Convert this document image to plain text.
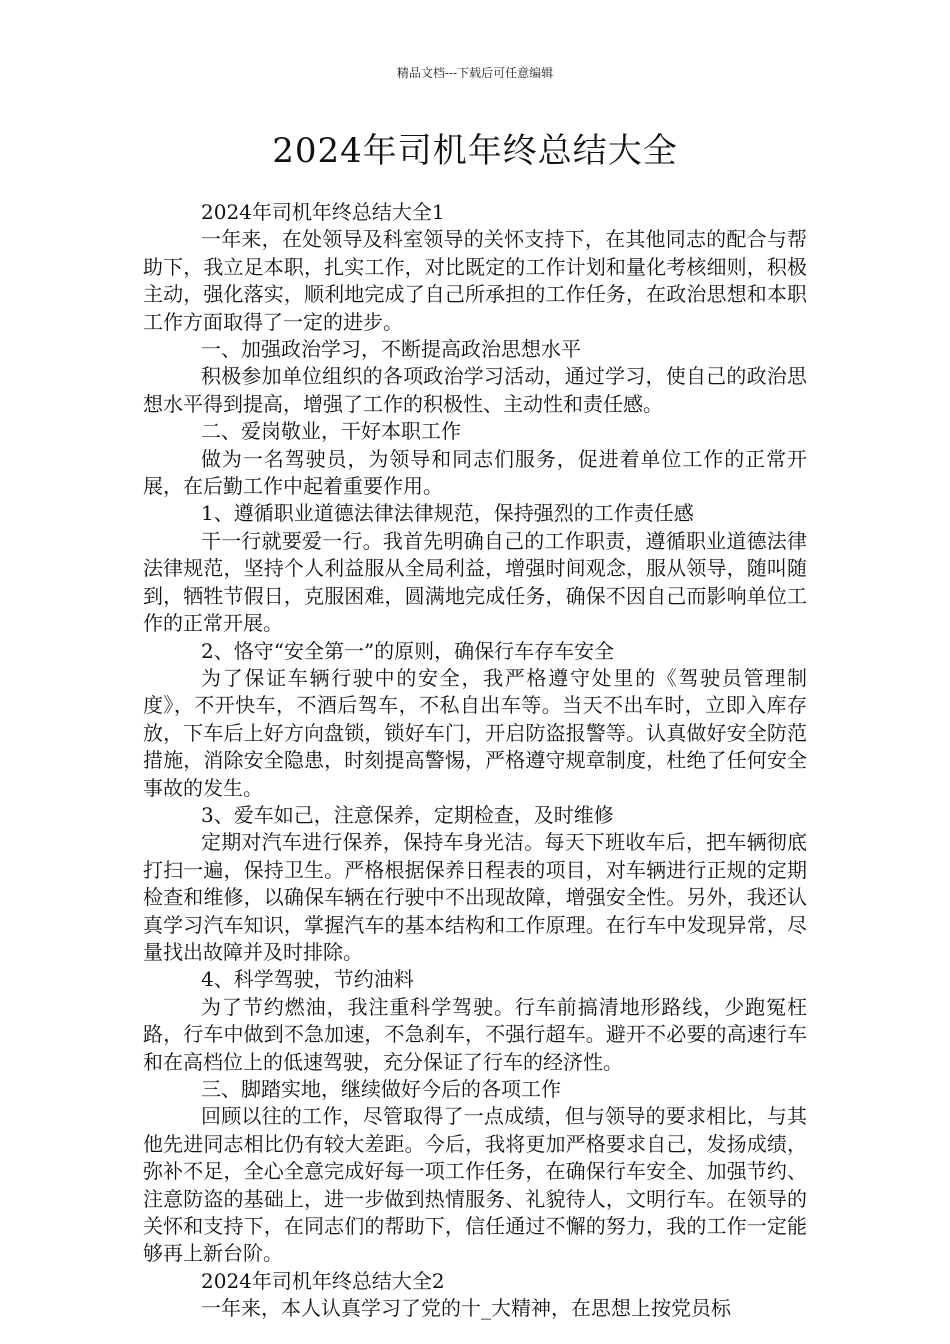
精品文档---下载后可任意编辑
2024年司机年终总结大全

2024年司机年终总结大全1

一年来，在处领导及科室领导的关怀支持下，在其他同志的配合与帮助下，我立足本职，扎实工作，对比既定的工作计划和量化考核细则，积极主动，强化落实，顺利地完成了自己所承担的工作任务，在政治思想和本职工作方面取得了一定的进步。

一、加强政治学习，不断提高政治思想水平

积极参加单位组织的各项政治学习活动，通过学习，使自己的政治思想水平得到提高，增强了工作的积极性、主动性和责任感。

二、爱岗敬业，干好本职工作

做为一名驾驶员，为领导和同志们服务，促进着单位工作的正常开展，在后勤工作中起着重要作用。

1、遵循职业道德法律法律规范，保持强烈的工作责任感

干一行就要爱一行。我首先明确自己的工作职责，遵循职业道德法律法律规范，坚持个人利益服从全局利益，增强时间观念，服从领导，随叫随到，牺牲节假日，克服困难，圆满地完成任务，确保不因自己而影响单位工作的正常开展。

2、恪守“安全第一”的原则，确保行车存车安全

为了保证车辆行驶中的安全，我严格遵守处里的《驾驶员管理制度》，不开快车，不酒后驾车，不私自出车等。当天不出车时，立即入库存放，下车后上好方向盘锁，锁好车门，开启防盗报警等。认真做好安全防范措施，消除安全隐患，时刻提高警惕，严格遵守规章制度，杜绝了任何安全事故的发生。

3、爱车如己，注意保养，定期检查，及时维修

定期对汽车进行保养，保持车身光洁。每天下班收车后，把车辆彻底打扫一遍，保持卫生。严格根据保养日程表的项目，对车辆进行正规的定期检查和维修，以确保车辆在行驶中不出现故障，增强安全性。另外，我还认真学习汽车知识，掌握汽车的基本结构和工作原理。在行车中发现异常，尽量找出故障并及时排除。

4、科学驾驶，节约油料

为了节约燃油，我注重科学驾驶。行车前搞清地形路线，少跑冤枉路，行车中做到不急加速，不急刹车，不强行超车。避开不必要的高速行车和在高档位上的低速驾驶，充分保证了行车的经济性。

三、脚踏实地，继续做好今后的各项工作

回顾以往的工作，尽管取得了一点成绩，但与领导的要求相比，与其他先进同志相比仍有较大差距。今后，我将更加严格要求自己，发扬成绩，弥补不足，全心全意完成好每一项工作任务，在确保行车安全、加强节约、注意防盗的基础上，进一步做到热情服务、礼貌待人，文明行车。在领导的关怀和支持下，在同志们的帮助下，信任通过不懈的努力，我的工作一定能够再上新台阶。

2024年司机年终总结大全2

一年来，本人认真学习了党的十_大精神，在思想上按党员标
